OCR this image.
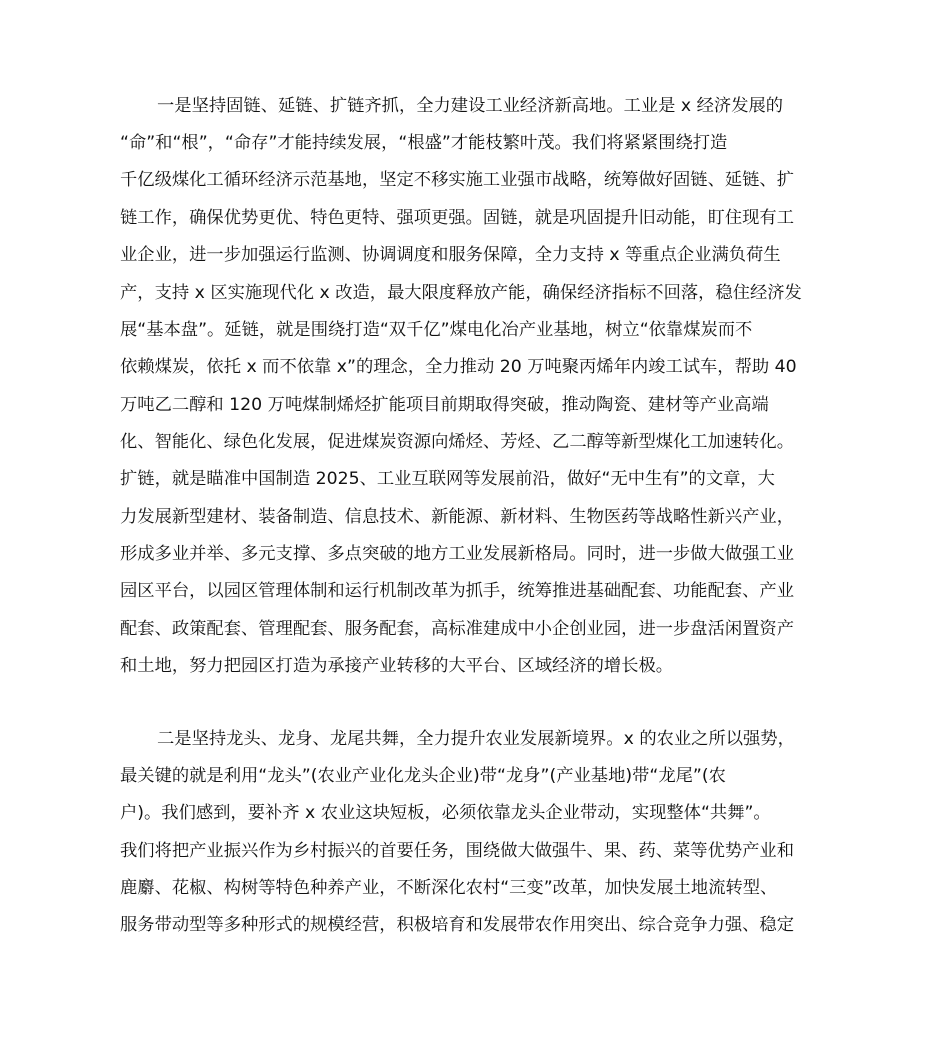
一是坚持固链、延链、扩链齐抓，全力建设工业经济新高地。工业是 x 经济发展的
“命”和“根”，“命存”才能持续发展，“根盛”才能枝繁叶茂。我们将紧紧围绕打造
千亿级煤化工循环经济示范基地，坚定不移实施工业强市战略，统筹做好固链、延链、扩
链工作，确保优势更优、特色更特、强项更强。固链，就是巩固提升旧动能，盯住现有工
业企业，进一步加强运行监测、协调调度和服务保障，全力支持 x 等重点企业满负荷生
产，支持 x 区实施现代化 x 改造，最大限度释放产能，确保经济指标不回落，稳住经济发
展“基本盘”。延链，就是围绕打造“双千亿”煤电化冶产业基地，树立“依靠煤炭而不
依赖煤炭，依托 x 而不依靠 x”的理念，全力推动 20 万吨聚丙烯年内竣工试车，帮助 40
万吨乙二醇和 120 万吨煤制烯烃扩能项目前期取得突破，推动陶瓷、建材等产业高端
化、智能化、绿色化发展，促进煤炭资源向烯烃、芳烃、乙二醇等新型煤化工加速转化。
扩链，就是瞄准中国制造 2025、工业互联网等发展前沿，做好“无中生有”的文章，大
力发展新型建材、装备制造、信息技术、新能源、新材料、生物医药等战略性新兴产业，
形成多业并举、多元支撑、多点突破的地方工业发展新格局。同时，进一步做大做强工业
园区平台，以园区管理体制和运行机制改革为抓手，统筹推进基础配套、功能配套、产业
配套、政策配套、管理配套、服务配套，高标准建成中小企创业园，进一步盘活闲置资产
和土地，努力把园区打造为承接产业转移的大平台、区域经济的增长极。
二是坚持龙头、龙身、龙尾共舞，全力提升农业发展新境界。x 的农业之所以强势，
最关键的就是利用“龙头”(农业产业化龙头企业)带“龙身”(产业基地)带“龙尾”(农
户)。我们感到，要补齐 x 农业这块短板，必须依靠龙头企业带动，实现整体“共舞”。
我们将把产业振兴作为乡村振兴的首要任务，围绕做大做强牛、果、药、菜等优势产业和
鹿麝、花椒、构树等特色种养产业，不断深化农村“三变”改革，加快发展土地流转型、
服务带动型等多种形式的规模经营，积极培育和发展带农作用突出、综合竞争力强、稳定
